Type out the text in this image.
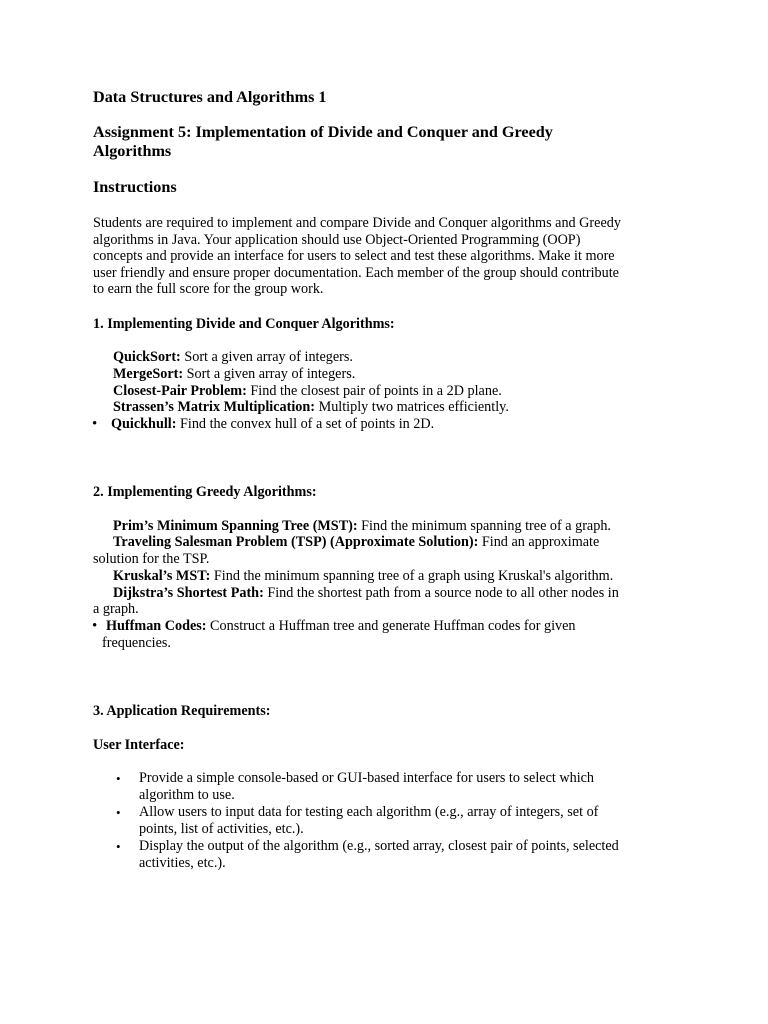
Data Structures and Algorithms 1
Assignment 5: Implementation of Divide and Conquer and Greedy
Algorithms
Instructions
Students are required to implement and compare Divide and Conquer algorithms and Greedy
algorithms in Java. Your application should use Object-Oriented Programming (OOP)
concepts and provide an interface for users to select and test these algorithms. Make it more
user friendly and ensure proper documentation. Each member of the group should contribute
to earn the full score for the group work.
1. Implementing Divide and Conquer Algorithms:
QuickSort: Sort a given array of integers.
MergeSort: Sort a given array of integers.
Closest-Pair Problem: Find the closest pair of points in a 2D plane.
Strassen’s Matrix Multiplication: Multiply two matrices efficiently.
• Quickhull: Find the convex hull of a set of points in 2D.
2. Implementing Greedy Algorithms:
Prim’s Minimum Spanning Tree (MST): Find the minimum spanning tree of a graph.
Traveling Salesman Problem (TSP) (Approximate Solution): Find an approximate
solution for the TSP.
Kruskal’s MST: Find the minimum spanning tree of a graph using Kruskal's algorithm.
Dijkstra’s Shortest Path: Find the shortest path from a source node to all other nodes in
a graph.
• Huffman Codes: Construct a Huffman tree and generate Huffman codes for given
frequencies.
3. Application Requirements:
User Interface:
• Provide a simple console-based or GUI-based interface for users to select which
algorithm to use.
• Allow users to input data for testing each algorithm (e.g., array of integers, set of
points, list of activities, etc.).
• Display the output of the algorithm (e.g., sorted array, closest pair of points, selected
activities, etc.).
